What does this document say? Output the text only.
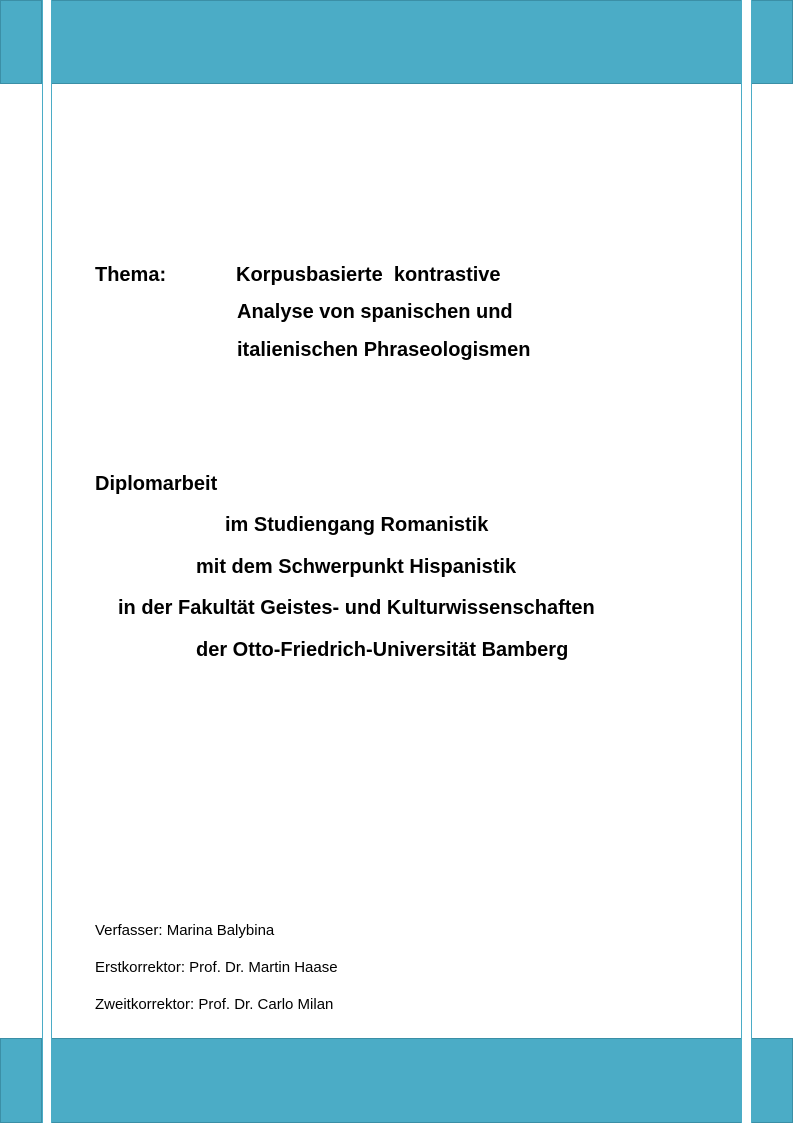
Thema:	Korpusbasierte  kontrastive
Analyse von spanischen und
italienischen Phraseologismen
Diplomarbeit
im Studiengang Romanistik
mit dem Schwerpunkt Hispanistik
in der Fakultät Geistes- und Kulturwissenschaften
der Otto-Friedrich-Universität Bamberg
Verfasser: Marina Balybina
Erstkorrektor: Prof. Dr. Martin Haase
Zweitkorrektor: Prof. Dr. Carlo Milan
